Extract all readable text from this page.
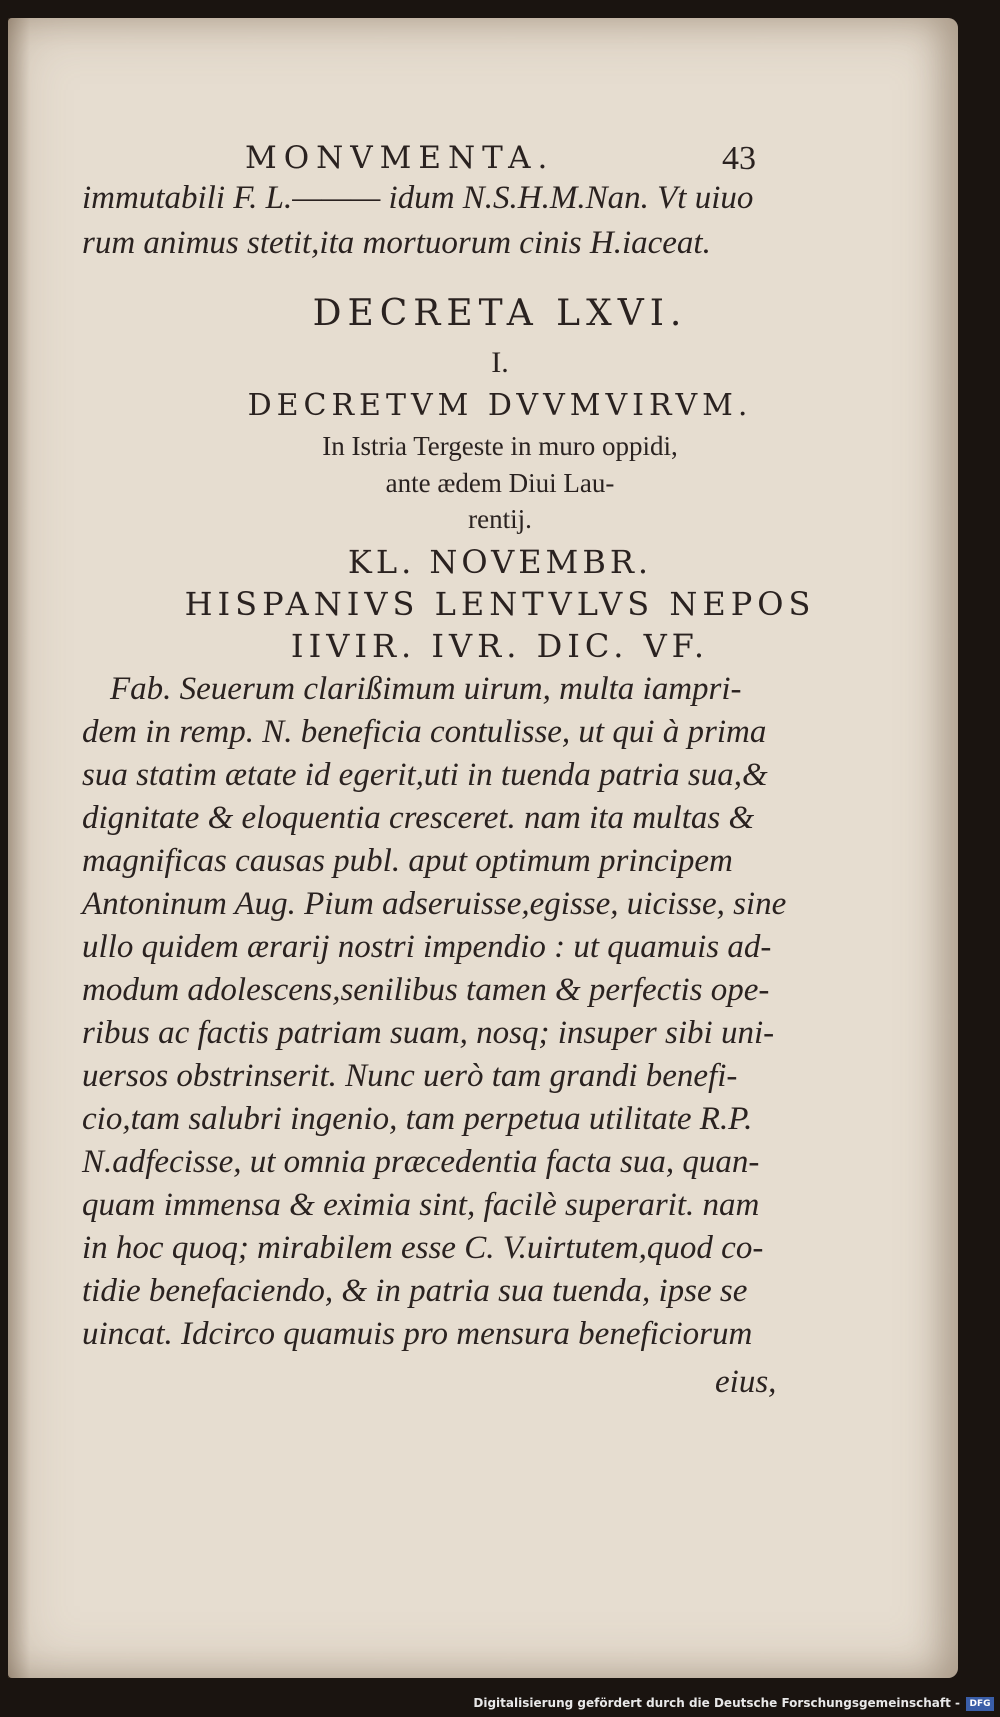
MONVMENTA.	43
immutabili F. L.——— idum N.S.H.M.Nan. Vt uiuo
rum animus stetit,ita mortuorum cinis H.iaceat.
DECRETA LXVI.
I.
DECRETVM DVVMVIRVM.
In Istria Tergeste in muro oppidi,
ante ædem Diui Lau-
rentij.
KL. NOVEMBR.
HISPANIVS LENTVLVS NEPOS
IIVIR. IVR. DIC. VF.
Fab. Seuerum clarißimum uirum, multa iampri-
dem in remp. N. beneficia contulisse, ut qui à prima
sua statim ætate id egerit,uti in tuenda patria sua,&
dignitate & eloquentia cresceret. nam ita multas &
magnificas causas publ. aput optimum principem
Antoninum Aug. Pium adseruisse,egisse, uicisse, sine
ullo quidem ærarij nostri impendio : ut quamuis ad-
modum adolescens,senilibus tamen & perfectis ope-
ribus ac factis patriam suam, nosq; insuper sibi uni-
uersos obstrinserit. Nunc uerò tam grandi benefi-
cio,tam salubri ingenio, tam perpetua utilitate R.P.
N.adfecisse, ut omnia præcedentia facta sua, quan-
quam immensa & eximia sint, facilè superarit. nam
in hoc quoq; mirabilem esse C. V.uirtutem,quod co-
tidie benefaciendo, & in patria sua tuenda, ipse se
uincat. Idcirco quamuis pro mensura beneficiorum
eius,
Digitalisierung gefördert durch die Deutsche Forschungsgemeinschaft -	DFG
